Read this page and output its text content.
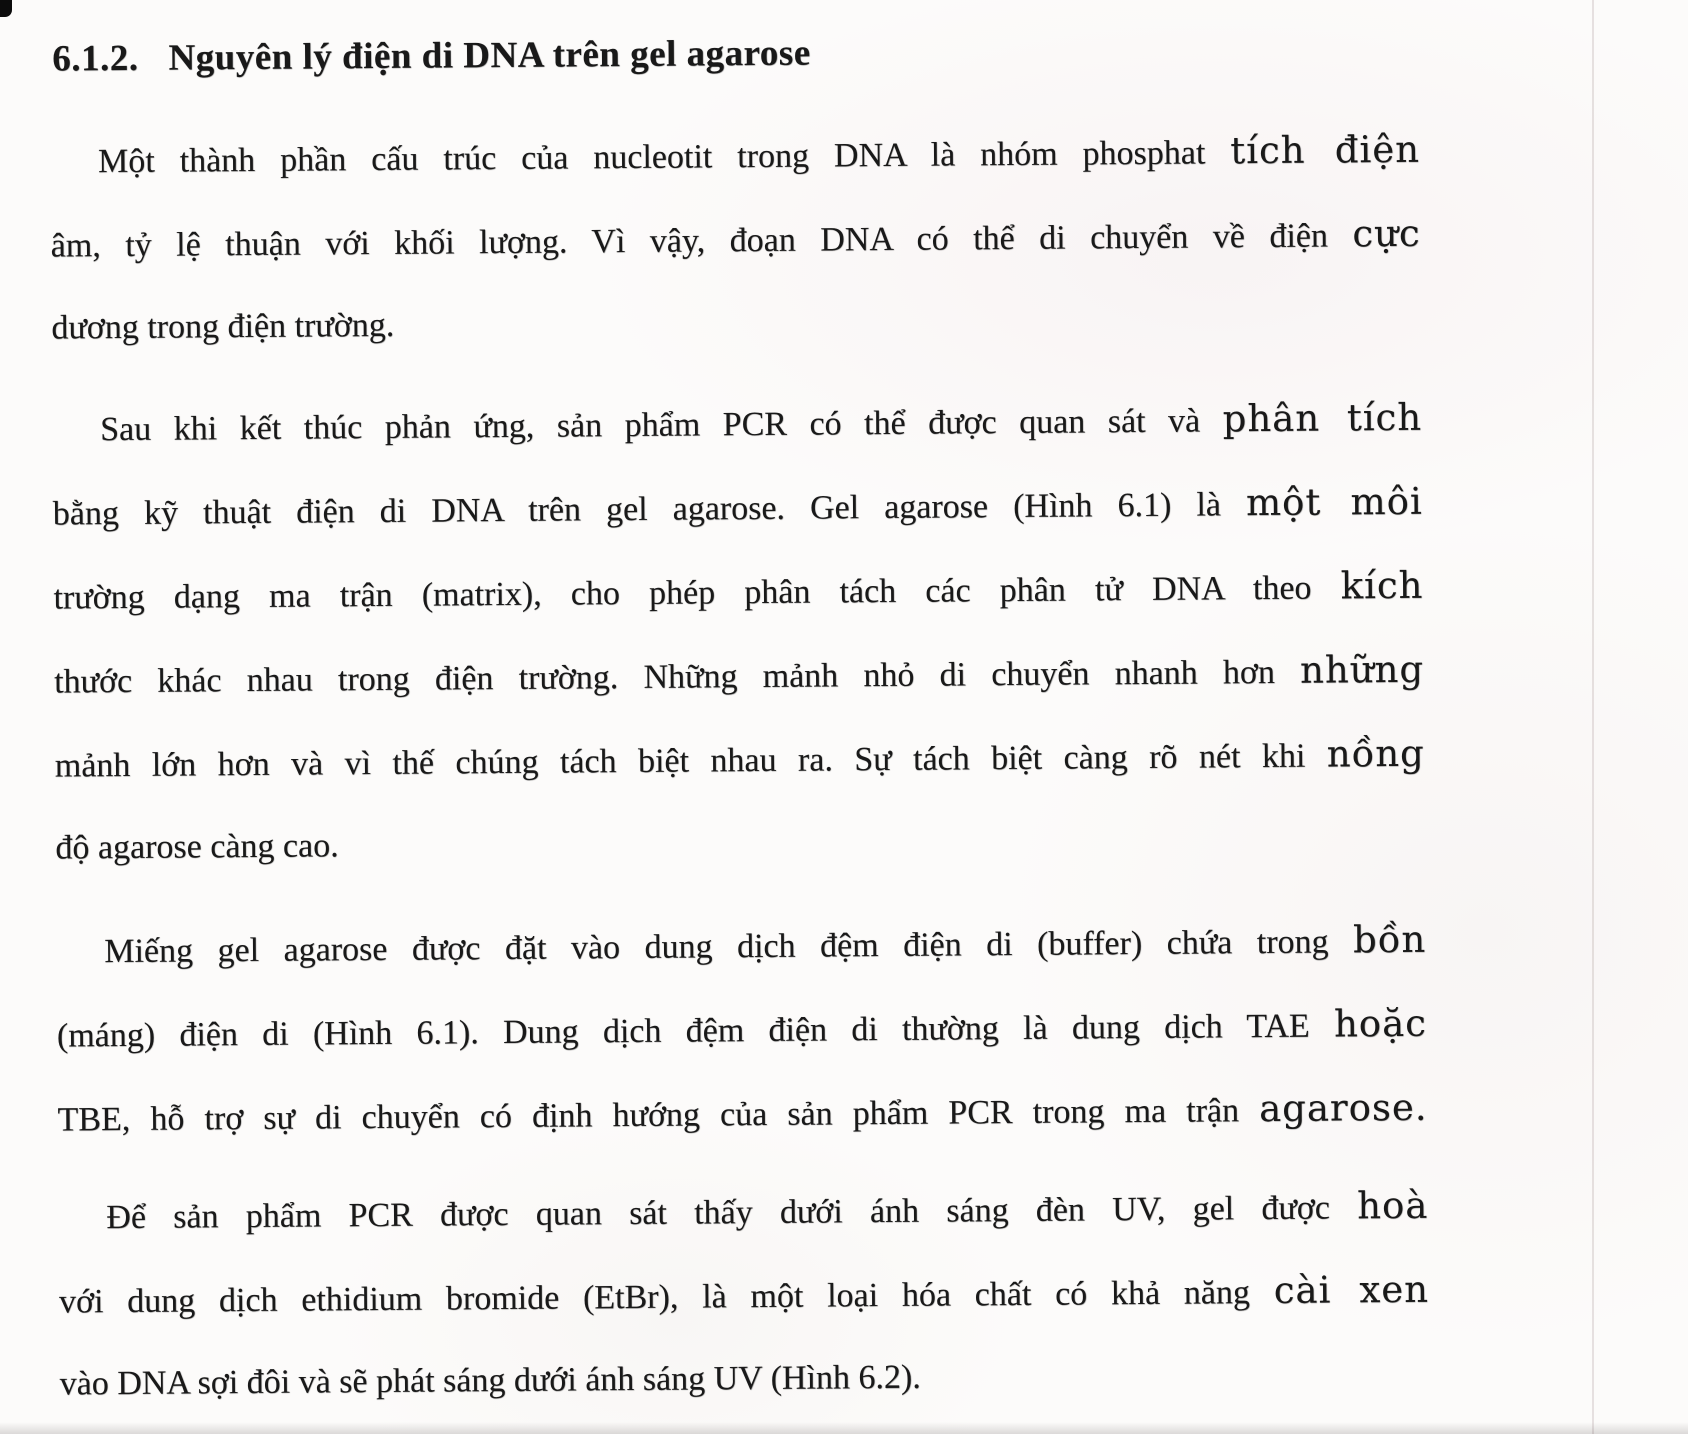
6.1.2. Nguyên lý điện di DNA trên gel agarose
Một thành phần cấu trúc của nucleotit trong DNA là nhóm phosphat tích điện
âm, tỷ lệ thuận với khối lượng. Vì vậy, đoạn DNA có thể di chuyển về điện cực
dương trong điện trường.
Sau khi kết thúc phản ứng, sản phẩm PCR có thể được quan sát và phân tích
bằng kỹ thuật điện di DNA trên gel agarose. Gel agarose (Hình 6.1) là một môi
trường dạng ma trận (matrix), cho phép phân tách các phân tử DNA theo kích
thước khác nhau trong điện trường. Những mảnh nhỏ di chuyển nhanh hơn những
mảnh lớn hơn và vì thế chúng tách biệt nhau ra. Sự tách biệt càng rõ nét khi nồng
độ agarose càng cao.
Miếng gel agarose được đặt vào dung dịch đệm điện di (buffer) chứa trong bồn
(máng) điện di (Hình 6.1). Dung dịch đệm điện di thường là dung dịch TAE hoặc
TBE, hỗ trợ sự di chuyển có định hướng của sản phẩm PCR trong ma trận agarose.
Để sản phẩm PCR được quan sát thấy dưới ánh sáng đèn UV, gel được hoà
với dung dịch ethidium bromide (EtBr), là một loại hóa chất có khả năng cài xen
vào DNA sợi đôi và sẽ phát sáng dưới ánh sáng UV (Hình 6.2).
